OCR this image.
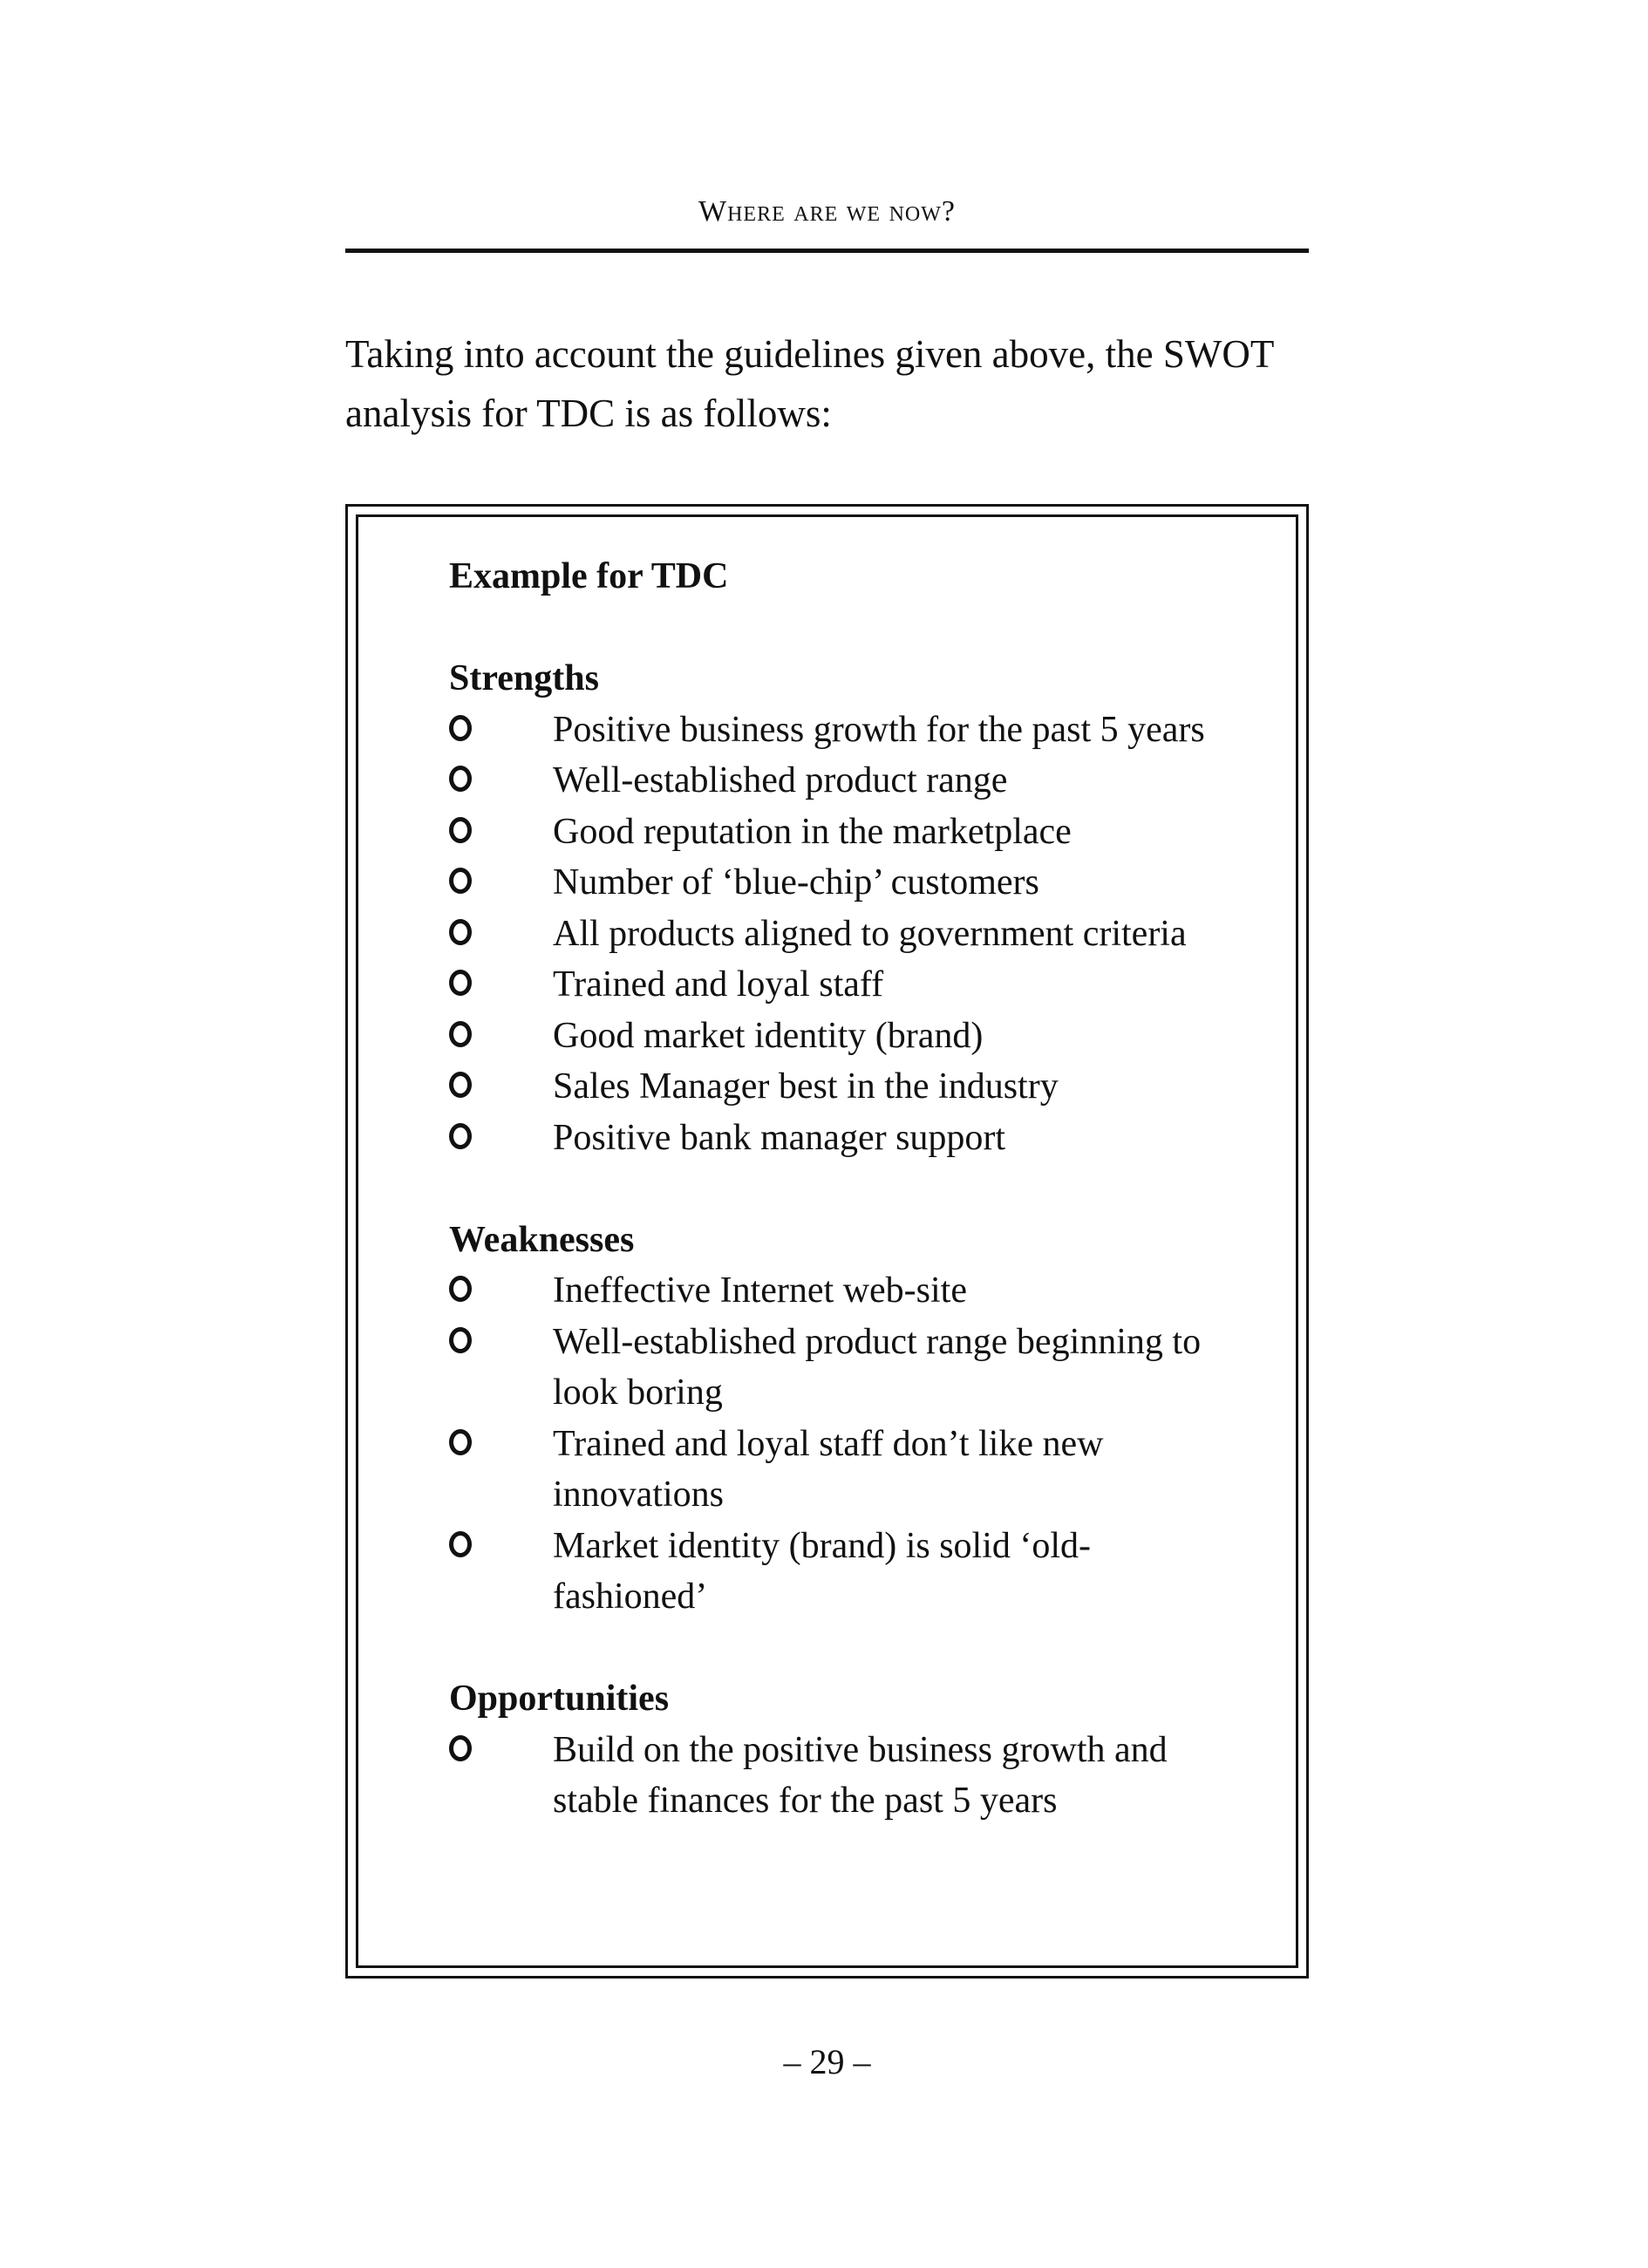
Where are we now?

Taking into account the guidelines given above, the SWOT analysis for TDC is as follows:

Example for TDC

Strengths

Positive business growth for the past 5 years
Well-established product range
Good reputation in the marketplace
Number of ‘blue-chip’ customers
All products aligned to government criteria
Trained and loyal staff
Good market identity (brand)
Sales Manager best in the industry
Positive bank manager support

Weaknesses

Ineffective Internet web-site
Well-established product range beginning to look boring
Trained and loyal staff don’t like new innovations
Market identity (brand) is solid ‘old-fashioned’

Opportunities

Build on the positive business growth and stable finances for the past 5 years
– 29 –
